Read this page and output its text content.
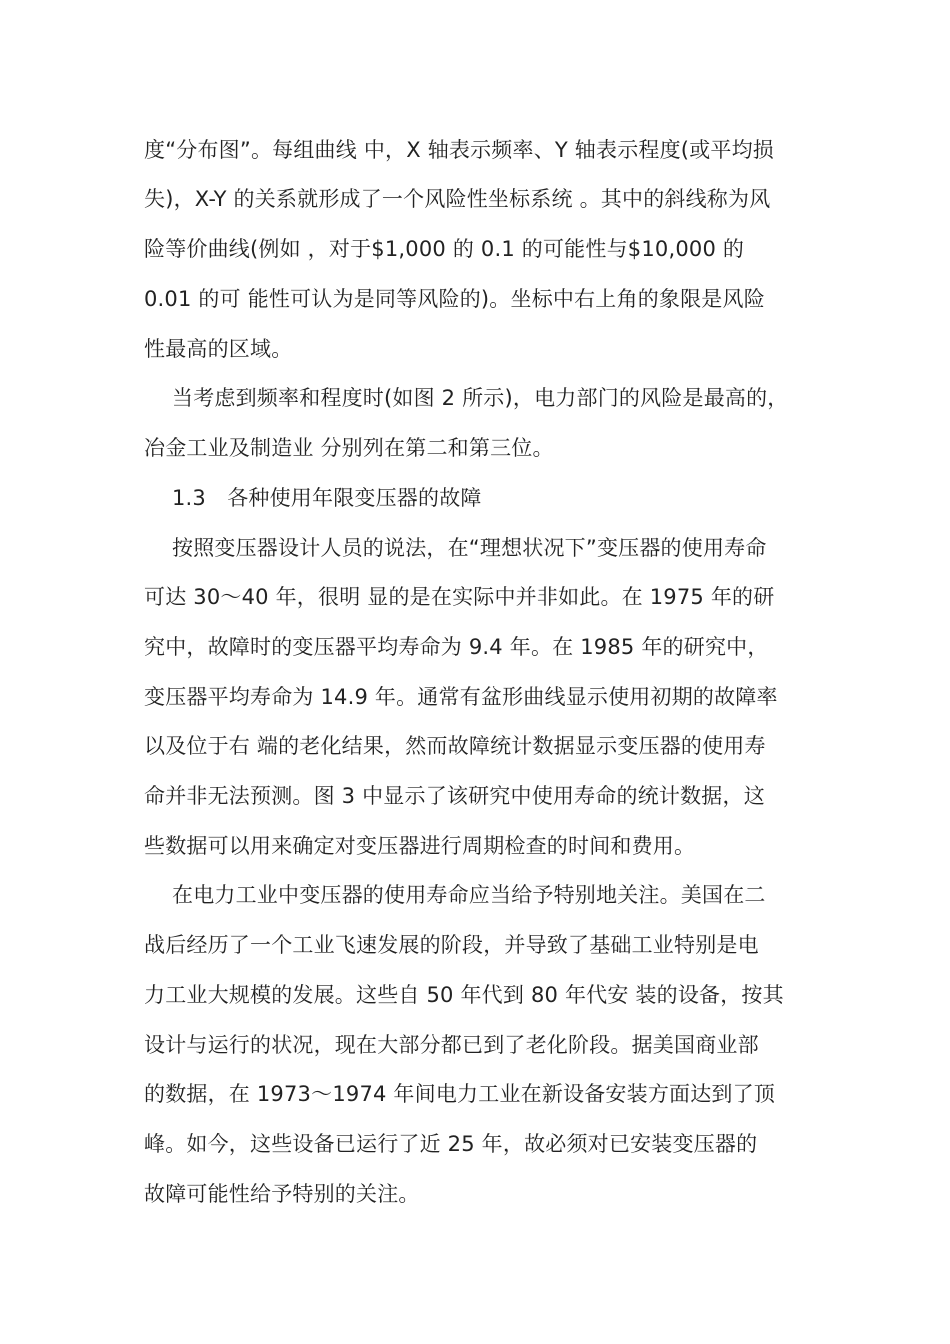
度“分布图”。每组曲线 中，X 轴表示频率、Y 轴表示程度(或平均损
失)，X-Y 的关系就形成了一个风险性坐标系统 。其中的斜线称为风
险等价曲线(例如 ，对于$1,000 的 0.1 的可能性与$10,000 的
0.01 的可 能性可认为是同等风险的)。坐标中右上角的象限是风险
性最高的区域。
当考虑到频率和程度时(如图 2 所示)，电力部门的风险是最高的，
冶金工业及制造业 分别列在第二和第三位。
1.3　各种使用年限变压器的故障
按照变压器设计人员的说法，在“理想状况下”变压器的使用寿命
可达 30～40 年，很明 显的是在实际中并非如此。在 1975 年的研
究中，故障时的变压器平均寿命为 9.4 年。在 1985 年的研究中，
变压器平均寿命为 14.9 年。通常有盆形曲线显示使用初期的故障率
以及位于右 端的老化结果，然而故障统计数据显示变压器的使用寿
命并非无法预测。图 3 中显示了该研究中使用寿命的统计数据，这
些数据可以用来确定对变压器进行周期检查的时间和费用。
在电力工业中变压器的使用寿命应当给予特别地关注。美国在二
战后经历了一个工业飞速发展的阶段，并导致了基础工业特别是电
力工业大规模的发展。这些自 50 年代到 80 年代安 装的设备，按其
设计与运行的状况，现在大部分都已到了老化阶段。据美国商业部
的数据，在 1973～1974 年间电力工业在新设备安装方面达到了顶
峰。如今，这些设备已运行了近 25 年，故必须对已安装变压器的
故障可能性给予特别的关注。
